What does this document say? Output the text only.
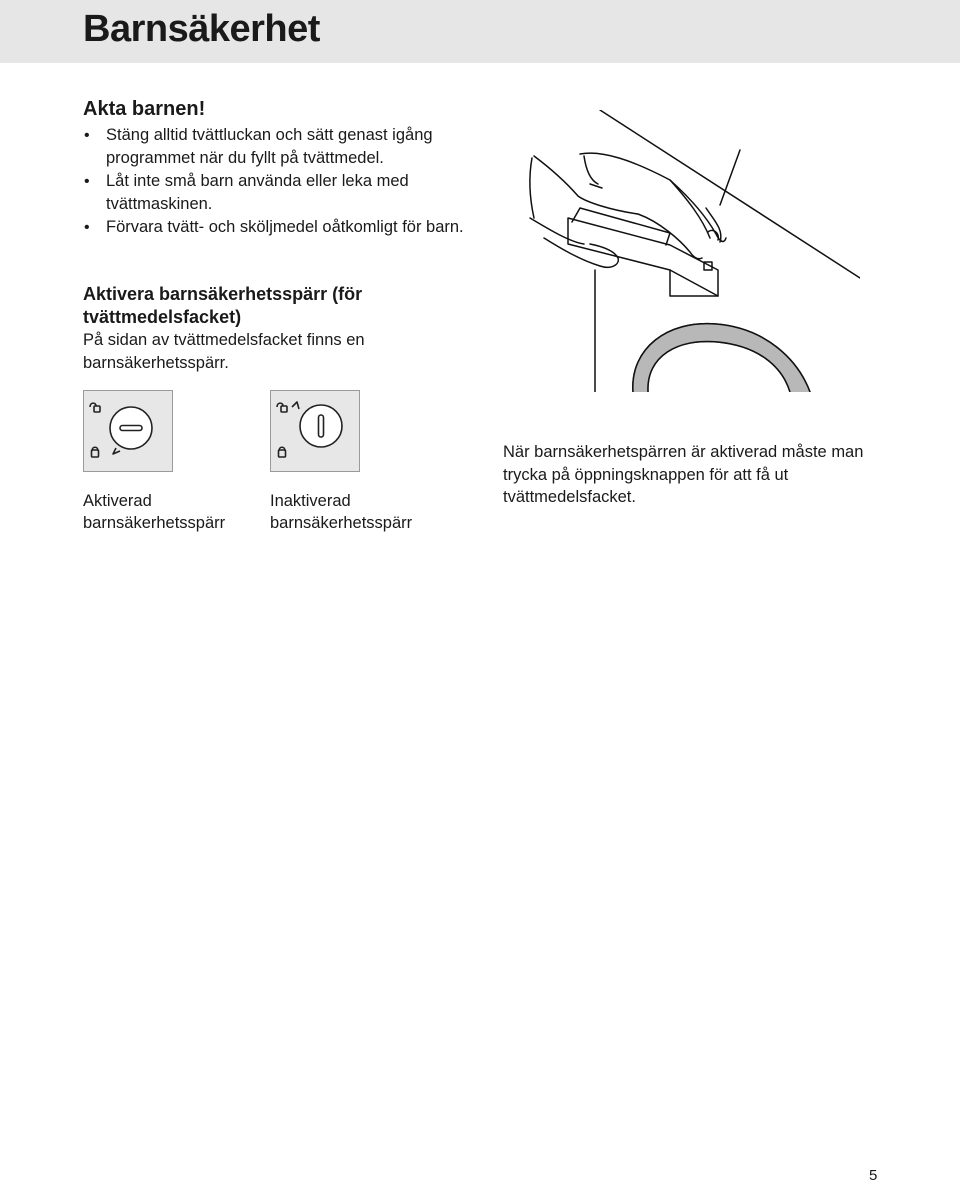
Barnsäkerhet
Akta barnen!
• Stäng alltid tvättluckan och sätt genast igång programmet när du fyllt på tvättmedel.
• Låt inte små barn använda eller leka med tvättmaskinen.
• Förvara tvätt- och sköljmedel oåtkomligt för barn.
Aktivera barnsäkerhetsspärr (för tvättmedelsfacket)

På sidan av tvättmedelsfacket finns en barnsäkerhetsspärr.

Aktiverad
barnsäkerhetsspärr

Inaktiverad
barnsäkerhetsspärr

När barnsäkerhetspärren är aktiverad måste man trycka på öppningsknappen för att få ut tvättmedelsfacket.

5
